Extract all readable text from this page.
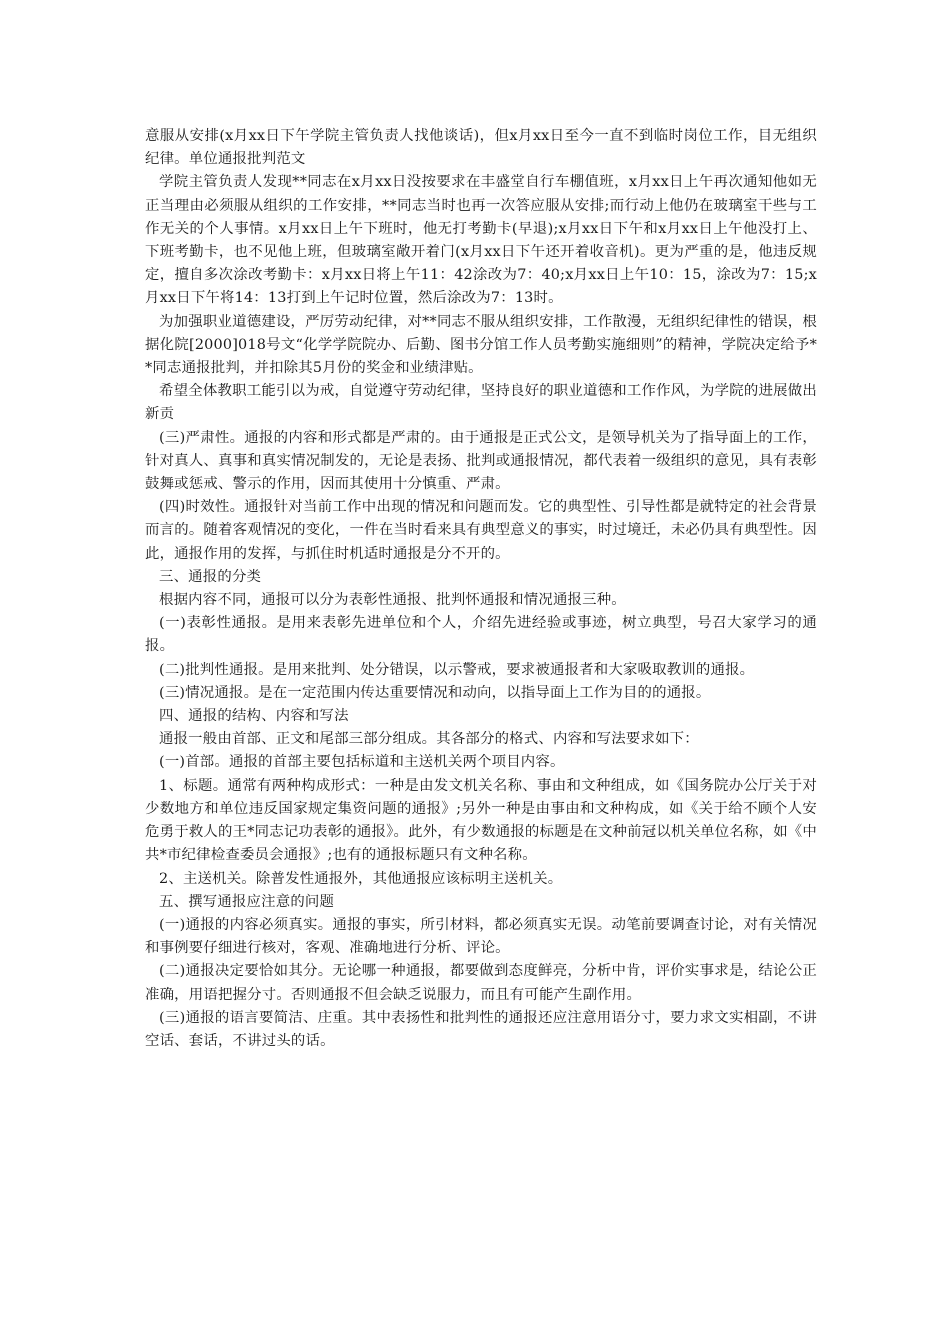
意服从安排(x月xx日下午学院主管负责人找他谈话)，但x月xx日至今一直不到临时岗位工作，目无组织纪律。单位通报批判范文

学院主管负责人发现**同志在x月xx日没按要求在丰盛堂自行车棚值班，x月xx日上午再次通知他如无正当理由必须服从组织的工作安排，**同志当时也再一次答应服从安排;而行动上他仍在玻璃室干些与工作无关的个人事情。x月xx日上午下班时，他无打考勤卡(早退);x月xx日下午和x月xx日上午他没打上、下班考勤卡，也不见他上班，但玻璃室敞开着门(x月xx日下午还开着收音机)。更为严重的是，他违反规定，擅自多次涂改考勤卡：x月xx日将上午11：42涂改为7：40;x月xx日上午10：15，涂改为7：15;x月xx日下午将14：13打到上午记时位置，然后涂改为7：13时。

为加强职业道德建设，严厉劳动纪律，对**同志不服从组织安排，工作散漫，无组织纪律性的错误，根据化院[2000]018号文“化学学院院办、后勤、图书分馆工作人员考勤实施细则”的精神，学院决定给予**同志通报批判，并扣除其5月份的奖金和业绩津贴。

希望全体教职工能引以为戒，自觉遵守劳动纪律，坚持良好的职业道德和工作作风，为学院的进展做出新贡

(三)严肃性。通报的内容和形式都是严肃的。由于通报是正式公文，是领导机关为了指导面上的工作，针对真人、真事和真实情况制发的，无论是表扬、批判或通报情况，都代表着一级组织的意见，具有表彰鼓舞或惩戒、警示的作用，因而其使用十分慎重、严肃。

(四)时效性。通报针对当前工作中出现的情况和问题而发。它的典型性、引导性都是就特定的社会背景而言的。随着客观情况的变化，一件在当时看来具有典型意义的事实，时过境迁，未必仍具有典型性。因此，通报作用的发挥，与抓住时机适时通报是分不开的。

三、通报的分类

根据内容不同，通报可以分为表彰性通报、批判怀通报和情况通报三种。

(一)表彰性通报。是用来表彰先进单位和个人，介绍先进经验或事迹，树立典型，号召大家学习的通报。

(二)批判性通报。是用来批判、处分错误，以示警戒，要求被通报者和大家吸取教训的通报。

(三)情况通报。是在一定范围内传达重要情况和动向，以指导面上工作为目的的通报。

四、通报的结构、内容和写法

通报一般由首部、正文和尾部三部分组成。其各部分的格式、内容和写法要求如下：

(一)首部。通报的首部主要包括标道和主送机关两个项目内容。

1、标题。通常有两种构成形式：一种是由发文机关名称、事由和文种组成，如《国务院办公厅关于对少数地方和单位违反国家规定集资问题的通报》;另外一种是由事由和文种构成，如《关于给不顾个人安危勇于救人的王*同志记功表彰的通报》。此外，有少数通报的标题是在文种前冠以机关单位名称，如《中共*市纪律检查委员会通报》;也有的通报标题只有文种名称。

2、主送机关。除普发性通报外，其他通报应该标明主送机关。

五、撰写通报应注意的问题

(一)通报的内容必须真实。通报的事实，所引材料，都必须真实无误。动笔前要调查讨论，对有关情况和事例要仔细进行核对，客观、准确地进行分析、评论。

(二)通报决定要恰如其分。无论哪一种通报，都要做到态度鲜亮，分析中肯，评价实事求是，结论公正准确，用语把握分寸。否则通报不但会缺乏说服力，而且有可能产生副作用。

(三)通报的语言要简洁、庄重。其中表扬性和批判性的通报还应注意用语分寸，要力求文实相副，不讲空话、套话，不讲过头的话。
